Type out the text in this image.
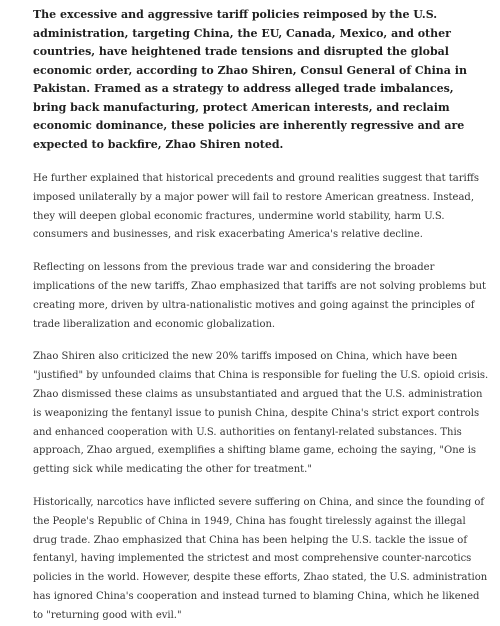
The excessive and aggressive tariff policies reimposed by the U.S. administration, targeting China, the EU, Canada, Mexico, and other countries, have heightened trade tensions and disrupted the global economic order, according to Zhao Shiren, Consul General of China in Pakistan. Framed as a strategy to address alleged trade imbalances, bring back manufacturing, protect American interests, and reclaim economic dominance, these policies are inherently regressive and are expected to backfire, Zhao Shiren noted.

He further explained that historical precedents and ground realities suggest that tariffs imposed unilaterally by a major power will fail to restore American greatness. Instead, they will deepen global economic fractures, undermine world stability, harm U.S. consumers and businesses, and risk exacerbating America's relative decline.

Reflecting on lessons from the previous trade war and considering the broader implications of the new tariffs, Zhao emphasized that tariffs are not solving problems but creating more, driven by ultra-nationalistic motives and going against the principles of trade liberalization and economic globalization.

Zhao Shiren also criticized the new 20% tariffs imposed on China, which have been "justified" by unfounded claims that China is responsible for fueling the U.S. opioid crisis. Zhao dismissed these claims as unsubstantiated and argued that the U.S. administration is weaponizing the fentanyl issue to punish China, despite China's strict export controls and enhanced cooperation with U.S. authorities on fentanyl-related substances. This approach, Zhao argued, exemplifies a shifting blame game, echoing the saying, "One is getting sick while medicating the other for treatment."

Historically, narcotics have inflicted severe suffering on China, and since the founding of the People's Republic of China in 1949, China has fought tirelessly against the illegal drug trade. Zhao emphasized that China has been helping the U.S. tackle the issue of fentanyl, having implemented the strictest and most comprehensive counter-narcotics policies in the world. However, despite these efforts, Zhao stated, the U.S. administration has ignored China's cooperation and instead turned to blaming China, which he likened to "returning good with evil."
